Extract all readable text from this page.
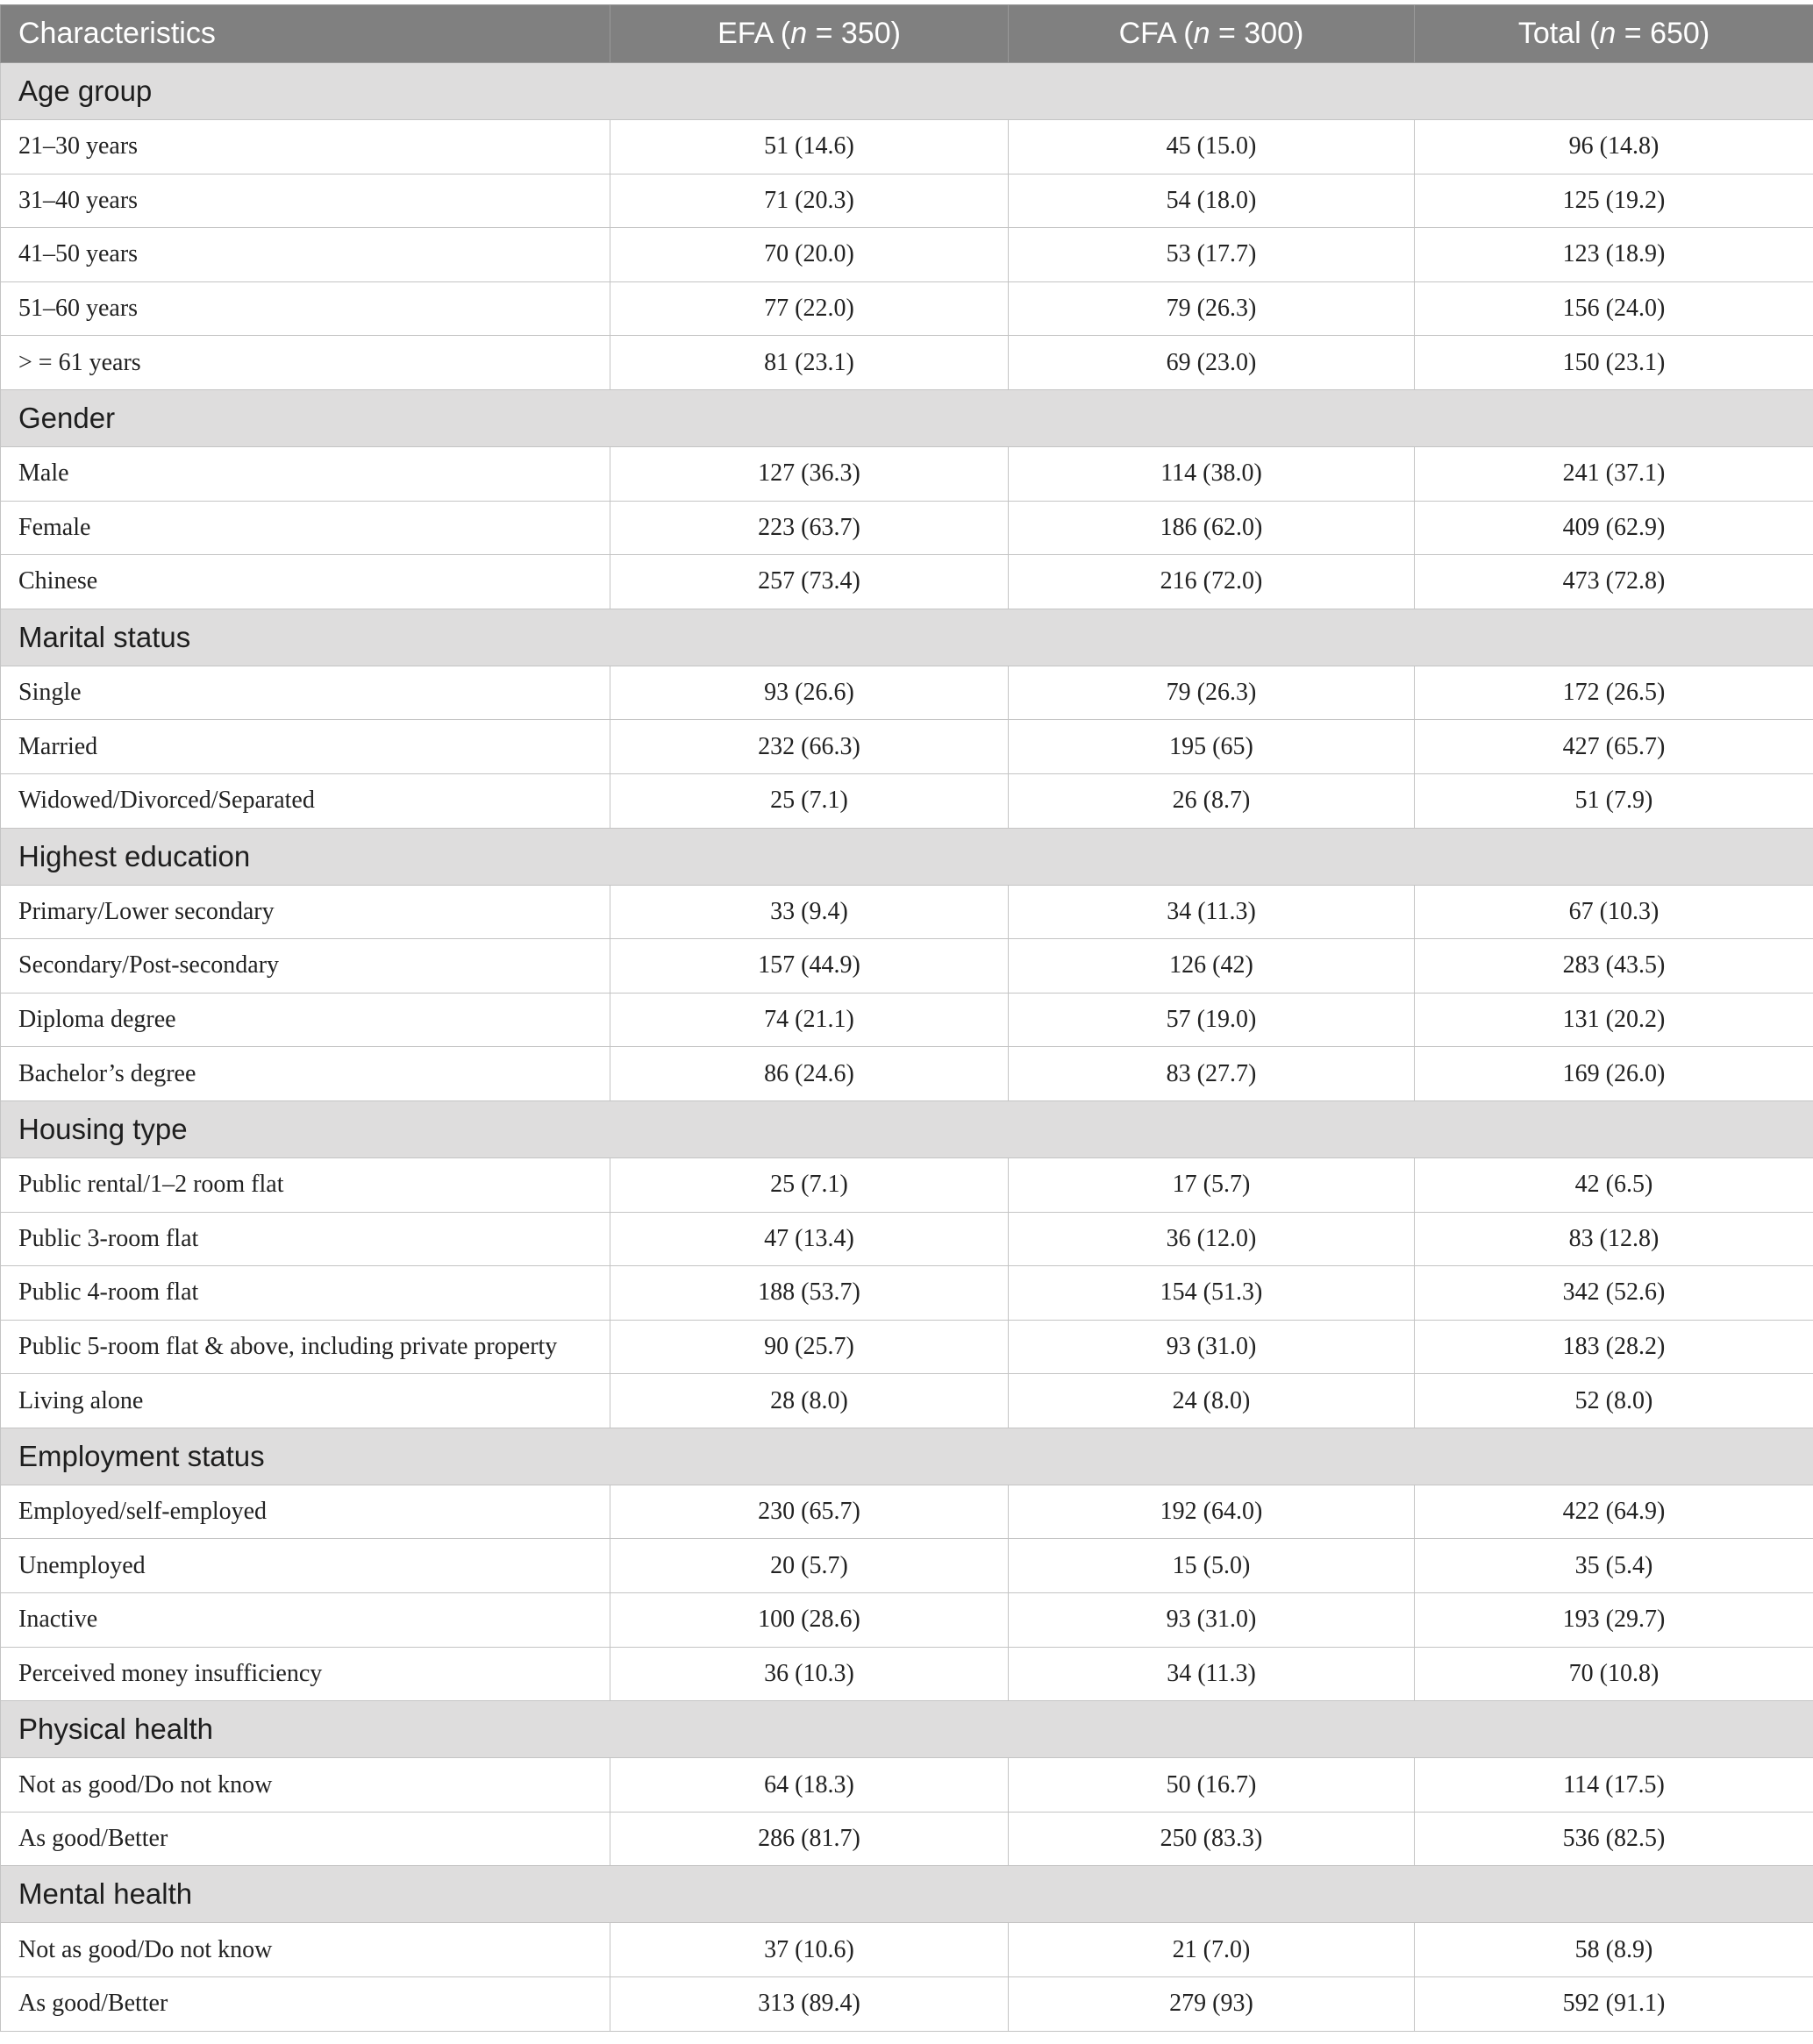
Characteristics	EFA (n = 350)	CFA (n = 300)	Total (n = 650)
Age group			
21–30 years	51 (14.6)	45 (15.0)	96 (14.8)
31–40 years	71 (20.3)	54 (18.0)	125 (19.2)
41–50 years	70 (20.0)	53 (17.7)	123 (18.9)
51–60 years	77 (22.0)	79 (26.3)	156 (24.0)
> = 61 years	81 (23.1)	69 (23.0)	150 (23.1)
Gender			
Male	127 (36.3)	114 (38.0)	241 (37.1)
Female	223 (63.7)	186 (62.0)	409 (62.9)
Chinese	257 (73.4)	216 (72.0)	473 (72.8)
Marital status			
Single	93 (26.6)	79 (26.3)	172 (26.5)
Married	232 (66.3)	195 (65)	427 (65.7)
Widowed/Divorced/Separated	25 (7.1)	26 (8.7)	51 (7.9)
Highest education			
Primary/Lower secondary	33 (9.4)	34 (11.3)	67 (10.3)
Secondary/Post-secondary	157 (44.9)	126 (42)	283 (43.5)
Diploma degree	74 (21.1)	57 (19.0)	131 (20.2)
Bachelor’s degree	86 (24.6)	83 (27.7)	169 (26.0)
Housing type			
Public rental/1–2 room flat	25 (7.1)	17 (5.7)	42 (6.5)
Public 3-room flat	47 (13.4)	36 (12.0)	83 (12.8)
Public 4-room flat	188 (53.7)	154 (51.3)	342 (52.6)
Public 5-room flat & above, including private property	90 (25.7)	93 (31.0)	183 (28.2)
Living alone	28 (8.0)	24 (8.0)	52 (8.0)
Employment status			
Employed/self-employed	230 (65.7)	192 (64.0)	422 (64.9)
Unemployed	20 (5.7)	15 (5.0)	35 (5.4)
Inactive	100 (28.6)	93 (31.0)	193 (29.7)
Perceived money insufficiency	36 (10.3)	34 (11.3)	70 (10.8)
Physical health			
Not as good/Do not know	64 (18.3)	50 (16.7)	114 (17.5)
As good/Better	286 (81.7)	250 (83.3)	536 (82.5)
Mental health			
Not as good/Do not know	37 (10.6)	21 (7.0)	58 (8.9)
As good/Better	313 (89.4)	279 (93)	592 (91.1)
